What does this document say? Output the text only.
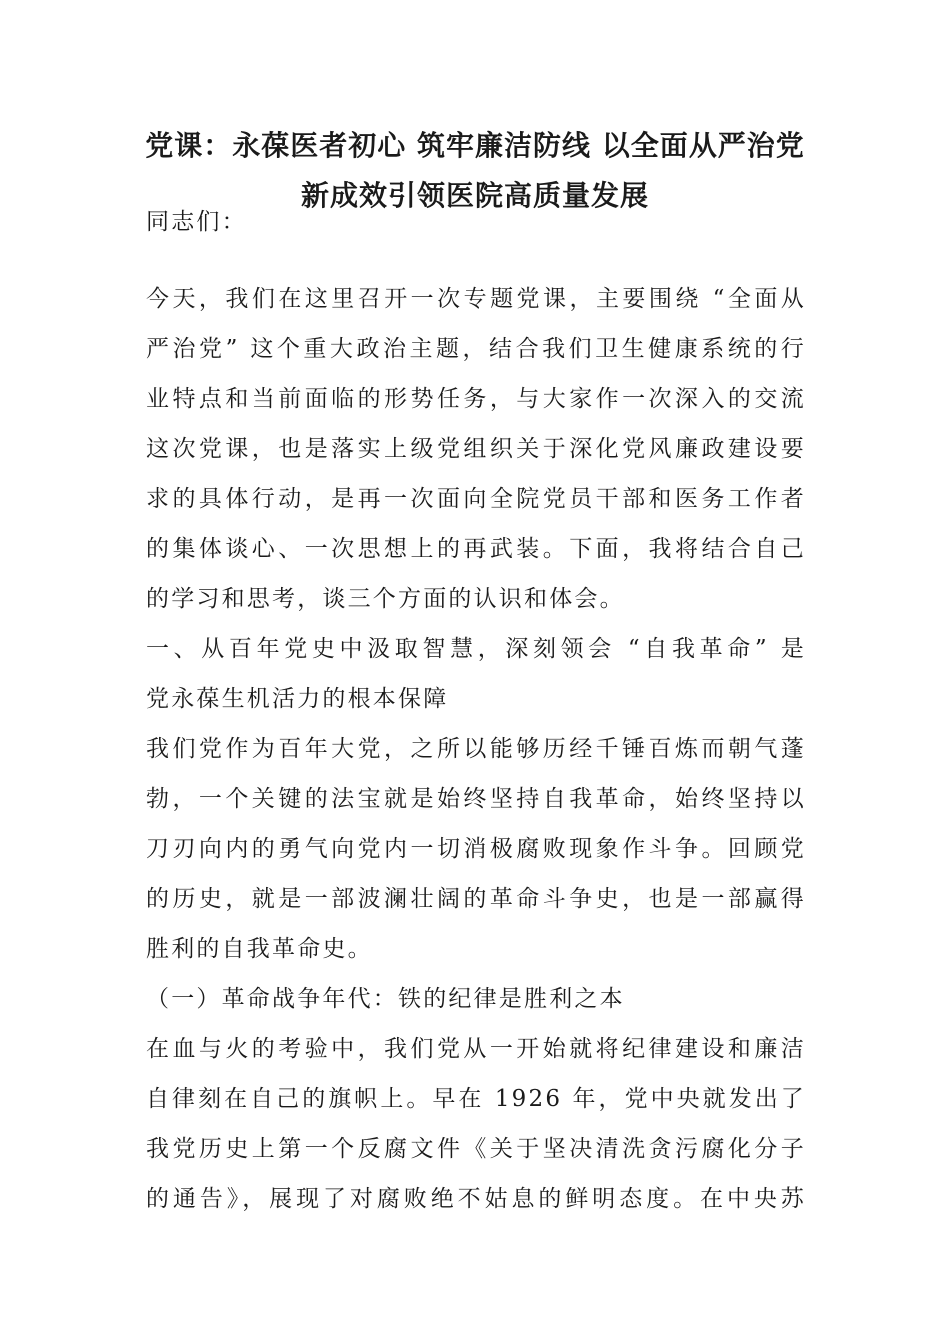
党课：永葆医者初心 筑牢廉洁防线 以全面从严治党
新成效引领医院高质量发展
同志们：
今天，我们在这里召开一次专题党课，主要围绕 “全面从
严治党” 这个重大政治主题，结合我们卫生健康系统的行
业特点和当前面临的形势任务，与大家作一次深入的交流
这次党课，也是落实上级党组织关于深化党风廉政建设要
求的具体行动，是再一次面向全院党员干部和医务工作者
的集体谈心、一次思想上的再武装。下面，我将结合自己
的学习和思考，谈三个方面的认识和体会。
一、从百年党史中汲取智慧，深刻领会 “自我革命” 是
党永葆生机活力的根本保障
我们党作为百年大党，之所以能够历经千锤百炼而朝气蓬
勃，一个关键的法宝就是始终坚持自我革命，始终坚持以
刀刃向内的勇气向党内一切消极腐败现象作斗争。回顾党
的历史，就是一部波澜壮阔的革命斗争史，也是一部赢得
胜利的自我革命史。
（一）革命战争年代：铁的纪律是胜利之本
在血与火的考验中，我们党从一开始就将纪律建设和廉洁
自律刻在自己的旗帜上。早在 1926 年，党中央就发出了
我党历史上第一个反腐文件《关于坚决清洗贪污腐化分子
的通告》，展现了对腐败绝不姑息的鲜明态度。在中央苏
